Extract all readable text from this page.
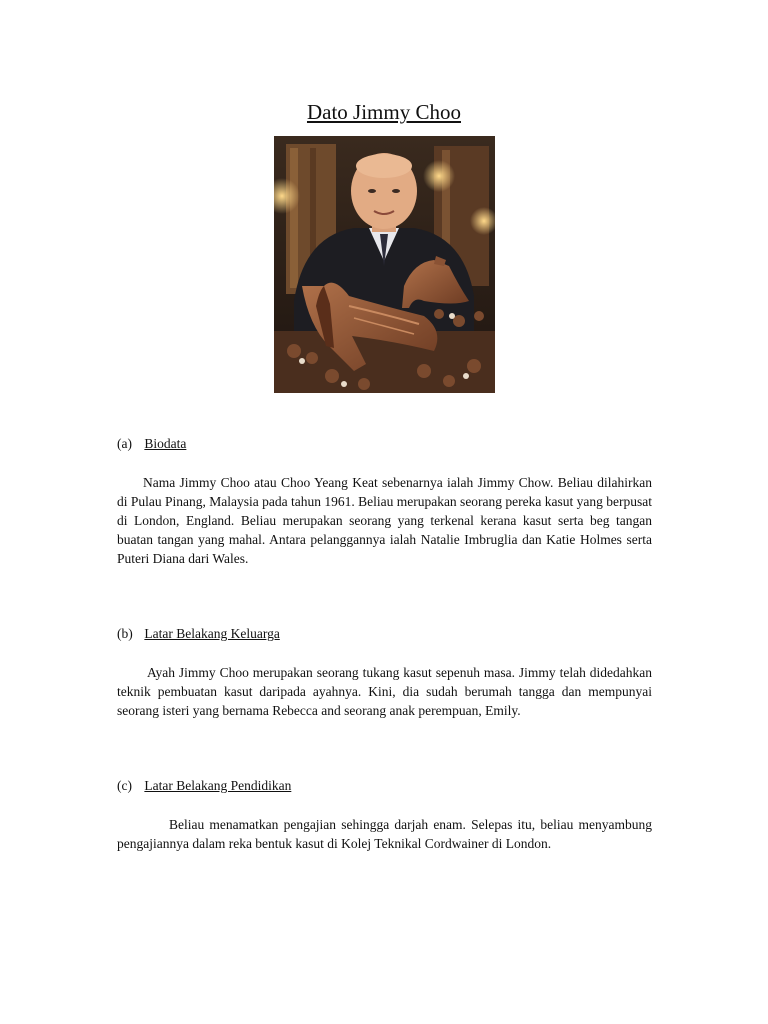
Dato Jimmy Choo

(a) Biodata

Nama Jimmy Choo atau Choo Yeang Keat sebenarnya ialah Jimmy Chow. Beliau dilahirkan di Pulau Pinang, Malaysia pada tahun 1961. Beliau merupakan seorang pereka kasut yang berpusat di London, England. Beliau merupakan seorang yang terkenal kerana kasut serta beg tangan buatan tangan yang mahal. Antara pelanggannya ialah Natalie Imbruglia dan Katie Holmes serta Puteri Diana dari Wales.

(b) Latar Belakang Keluarga

Ayah Jimmy Choo merupakan seorang tukang kasut sepenuh masa. Jimmy telah didedahkan teknik pembuatan kasut daripada ayahnya. Kini, dia sudah berumah tangga dan mempunyai seorang isteri yang bernama Rebecca and seorang anak perempuan, Emily.

(c) Latar Belakang Pendidikan

Beliau menamatkan pengajian sehingga darjah enam. Selepas itu, beliau menyambung pengajiannya dalam reka bentuk kasut di Kolej Teknikal Cordwainer di London.
